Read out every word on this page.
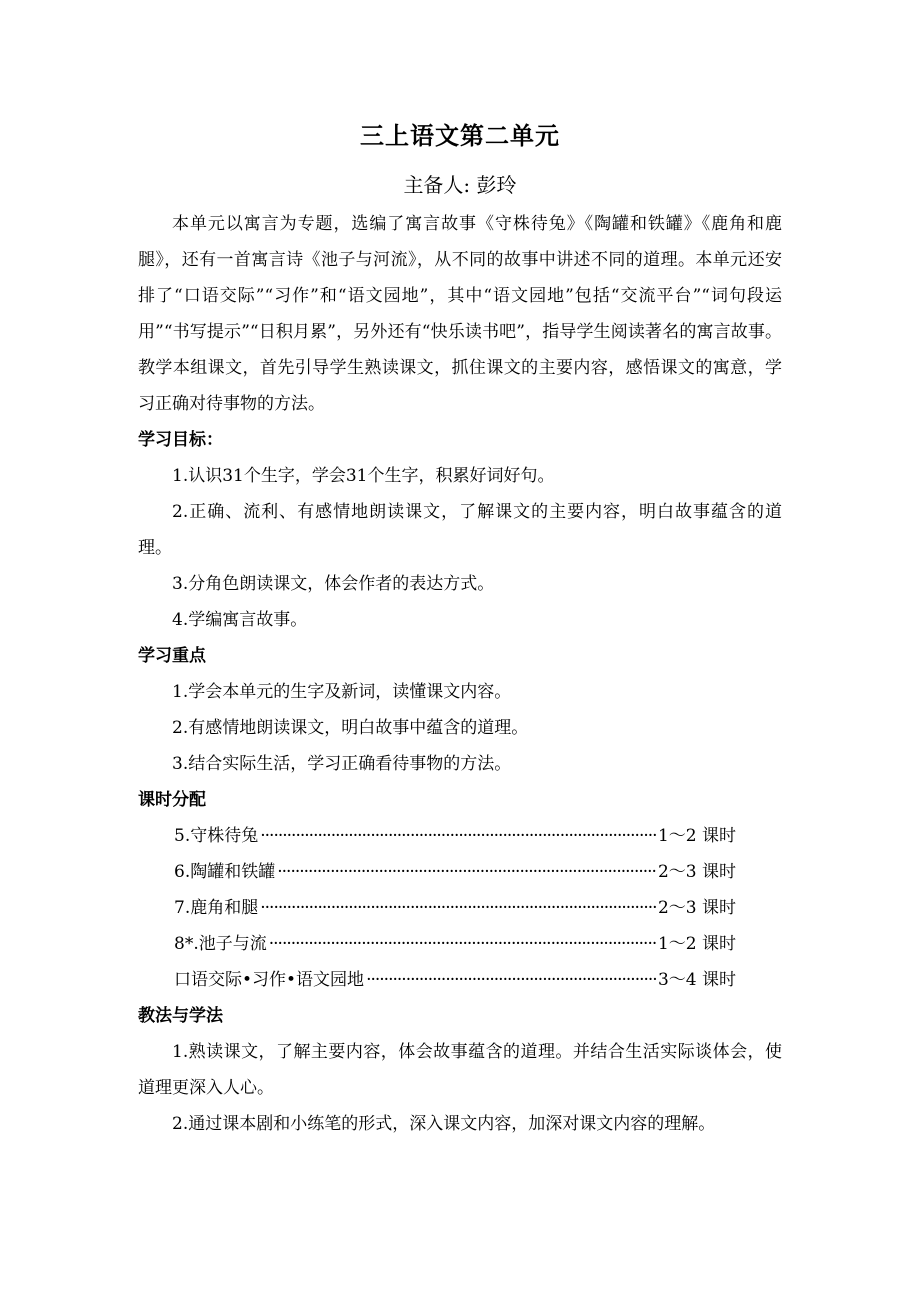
三上语文第二单元
主备人: 彭玲

本单元以寓言为专题，选编了寓言故事《守株待兔》《陶罐和铁罐》《鹿角和鹿腿》，还有一首寓言诗《池子与河流》，从不同的故事中讲述不同的道理。本单元还安排了“口语交际”“习作”和“语文园地”，其中“语文园地”包括“交流平台”“词句段运用”“书写提示”“日积月累”，另外还有“快乐读书吧”，指导学生阅读著名的寓言故事。教学本组课文，首先引导学生熟读课文，抓住课文的主要内容，感悟课文的寓意，学习正确对待事物的方法。

学习目标：

1.认识31个生字，学会31个生字，积累好词好句。

2.正确、流利、有感情地朗读课文，了解课文的主要内容，明白故事蕴含的道理。

3.分角色朗读课文，体会作者的表达方式。

4.学编寓言故事。

学习重点

1.学会本单元的生字及新词，读懂课文内容。

2.有感情地朗读课文，明白故事中蕴含的道理。

3.结合实际生活，学习正确看待事物的方法。

课时分配

5.守株待兔 ·····	1～2 课时
6.陶罐和铁罐 ·····	2～3 课时
7.鹿角和腿 ·····	2～3 课时
8*.池子与流 ·····	1～2 课时
口语交际•习作•语文园地 ·····	3～4 课时

教法与学法

1.熟读课文，了解主要内容，体会故事蕴含的道理。并结合生活实际谈体会，使道理更深入人心。

2.通过课本剧和小练笔的形式，深入课文内容，加深对课文内容的理解。
